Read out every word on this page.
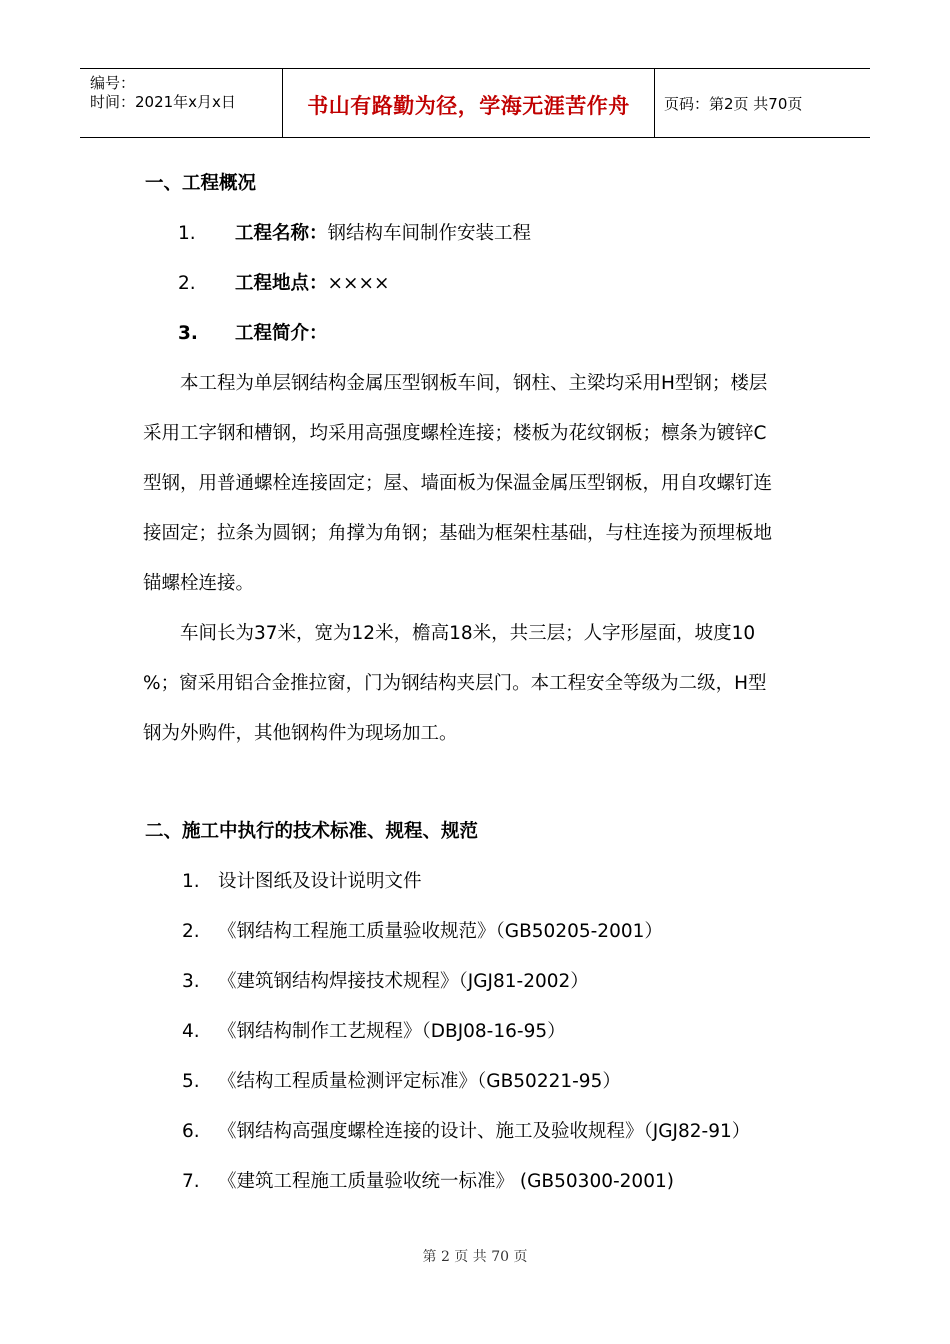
编号：
时间：2021年x月x日	书山有路勤为径，学海无涯苦作舟	页码：第2页 共70页
一、工程概况
1. 工程名称：钢结构车间制作安装工程
2. 工程地点：××××
3. 工程简介：
本工程为单层钢结构金属压型钢板车间，钢柱、主梁均采用H型钢；楼层
采用工字钢和槽钢，均采用高强度螺栓连接；楼板为花纹钢板；檩条为镀锌C
型钢，用普通螺栓连接固定；屋、墙面板为保温金属压型钢板，用自攻螺钉连
接固定；拉条为圆钢；角撑为角钢；基础为框架柱基础，与柱连接为预埋板地
锚螺栓连接。
车间长为37米，宽为12米，檐高18米，共三层；人字形屋面，坡度10
%；窗采用铝合金推拉窗，门为钢结构夹层门。本工程安全等级为二级，H型
钢为外购件，其他钢构件为现场加工。
二、施工中执行的技术标准、规程、规范
1. 设计图纸及设计说明文件
2. 《钢结构工程施工质量验收规范》（GB50205-2001）
3. 《建筑钢结构焊接技术规程》（JGJ81-2002）
4. 《钢结构制作工艺规程》（DBJ08-16-95）
5. 《结构工程质量检测评定标准》（GB50221-95）
6. 《钢结构高强度螺栓连接的设计、施工及验收规程》（JGJ82-91）
7. 《建筑工程施工质量验收统一标准》 (GB50300-2001)
第 2 页 共 70 页
